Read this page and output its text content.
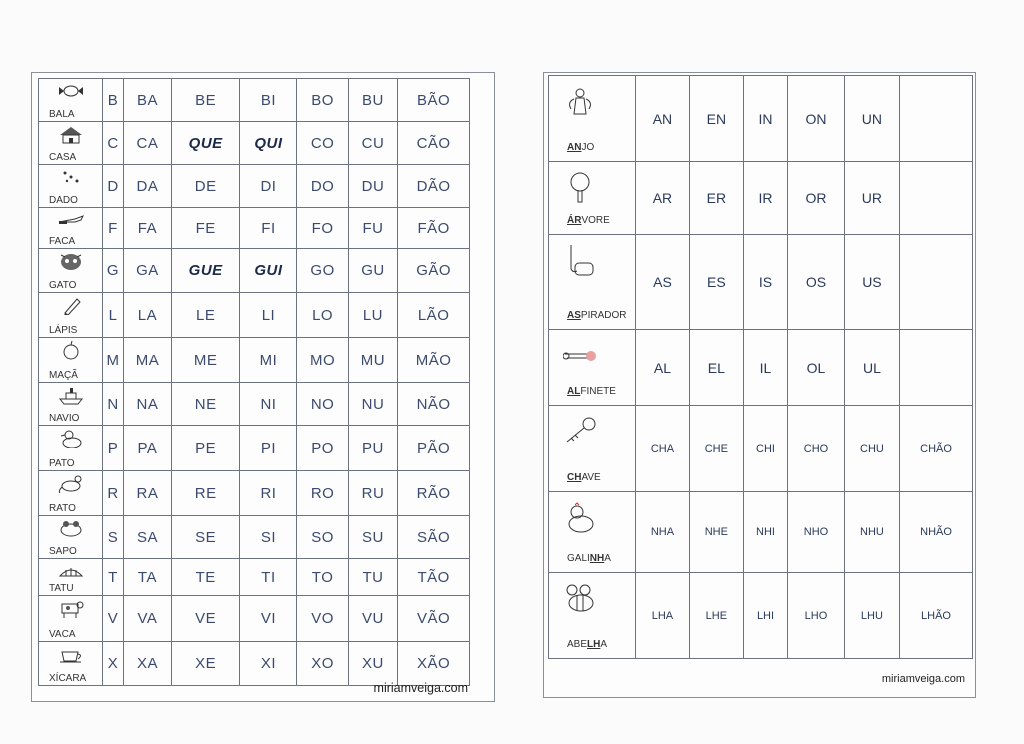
BALA	B	BA	BE	BI	BO	BU	BÃO

CASA	C	CA	QUE	QUI	CO	CU	CÃO

DADO	D	DA	DE	DI	DO	DU	DÃO

FACA	F	FA	FE	FI	FO	FU	FÃO

GATO	G	GA	GUE	GUI	GO	GU	GÃO

LÁPIS	L	LA	LE	LI	LO	LU	LÃO

MAÇÃ	M	MA	ME	MI	MO	MU	MÃO

NAVIO	N	NA	NE	NI	NO	NU	NÃO

PATO	P	PA	PE	PI	PO	PU	PÃO

RATO	R	RA	RE	RI	RO	RU	RÃO

SAPO	S	SA	SE	SI	SO	SU	SÃO

TATU	T	TA	TE	TI	TO	TU	TÃO

VACA	V	VA	VE	VI	VO	VU	VÃO

XÍCARA	X	XA	XE	XI	XO	XU	XÃO
miriamveiga.com
ANJO	AN	EN	IN	ON	UN	

ÁRVORE	AR	ER	IR	OR	UR	

ASPIRADOR	AS	ES	IS	OS	US	

ALFINETE	AL	EL	IL	OL	UL	

CHAVE	CHA	CHE	CHI	CHO	CHU	CHÃO

GALINHA	NHA	NHE	NHI	NHO	NHU	NHÃO

ABELHA	LHA	LHE	LHI	LHO	LHU	LHÃO
miriamveiga.com
